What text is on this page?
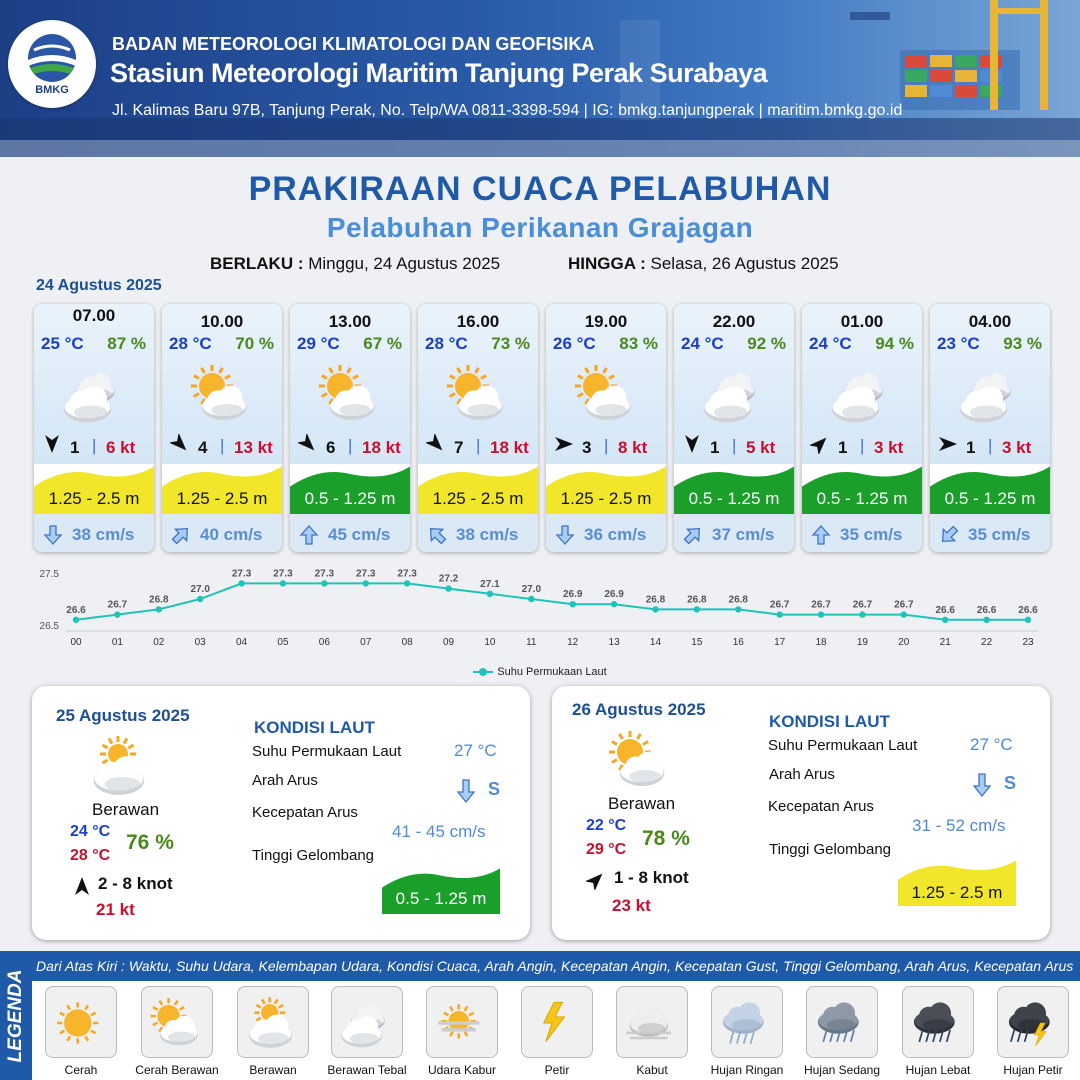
BMKG
BADAN METEOROLOGI KLIMATOLOGI DAN GEOFISIKA
Stasiun Meteorologi Maritim Tanjung Perak Surabaya
Jl. Kalimas Baru 97B, Tanjung Perak, No. Telp/WA 0811-3398-594 | IG: bmkg.tanjungperak | maritim.bmkg.go.id
PRAKIRAAN CUACA PELABUHAN
Pelabuhan Perikanan Grajagan
BERLAKU : Minggu, 24 Agustus 2025	HINGGA : Selasa, 26 Agustus 2025
24 Agustus 2025
07.00
25 °C 87 %
1 | 6 kt
1.25 - 2.5 m
38 cm/s
10.00
28 °C 70 %
4 | 13 kt
1.25 - 2.5 m
40 cm/s
13.00
29 °C 67 %
6 | 18 kt
0.5 - 1.25 m
45 cm/s
16.00
28 °C 73 %
7 | 18 kt
1.25 - 2.5 m
38 cm/s
19.00
26 °C 83 %
3 | 8 kt
1.25 - 2.5 m
36 cm/s
22.00
24 °C 92 %
1 | 5 kt
0.5 - 1.25 m
37 cm/s
01.00
24 °C 94 %
1 | 3 kt
0.5 - 1.25 m
35 cm/s
04.00
23 °C 93 %
1 | 3 kt
0.5 - 1.25 m
35 cm/s
27.5
26.5
26.6
00
26.7
01
26.8
02
27.0
03
27.3
04
27.3
05
27.3
06
27.3
07
27.3
08
27.2
09
27.1
10
27.0
11
26.9
12
26.9
13
26.8
14
26.8
15
26.8
16
26.7
17
26.7
18
26.7
19
26.7
20
26.6
21
26.6
22
26.6
23
Suhu Permukaan Laut
25 Agustus 2025
Berawan
24 °C
28 °C
76 %
2 - 8 knot
21 kt
KONDISI LAUT
Suhu Permukaan Laut	27 °C
Arah Arus	S
Kecepatan Arus
41 - 45 cm/s
Tinggi Gelombang
0.5 - 1.25 m
26 Agustus 2025
Berawan
22 °C
29 °C 78 %
1 - 8 knot
23 kt
KONDISI LAUT
Suhu Permukaan Laut	27 °C
Arah Arus	S
Kecepatan Arus
31 - 52 cm/s
Tinggi Gelombang
1.25 - 2.5 m
LEGENDA
Dari Atas Kiri : Waktu, Suhu Udara, Kelembapan Udara, Kondisi Cuaca, Arah Angin, Kecepatan Angin, Kecepatan Gust, Tinggi Gelombang, Arah Arus, Kecepatan Arus
Cerah	Cerah Berawan	Berawan	Berawan Tebal	Udara Kabur	Petir	Kabut	Hujan Ringan	Hujan Sedang	Hujan Lebat	Hujan Petir
